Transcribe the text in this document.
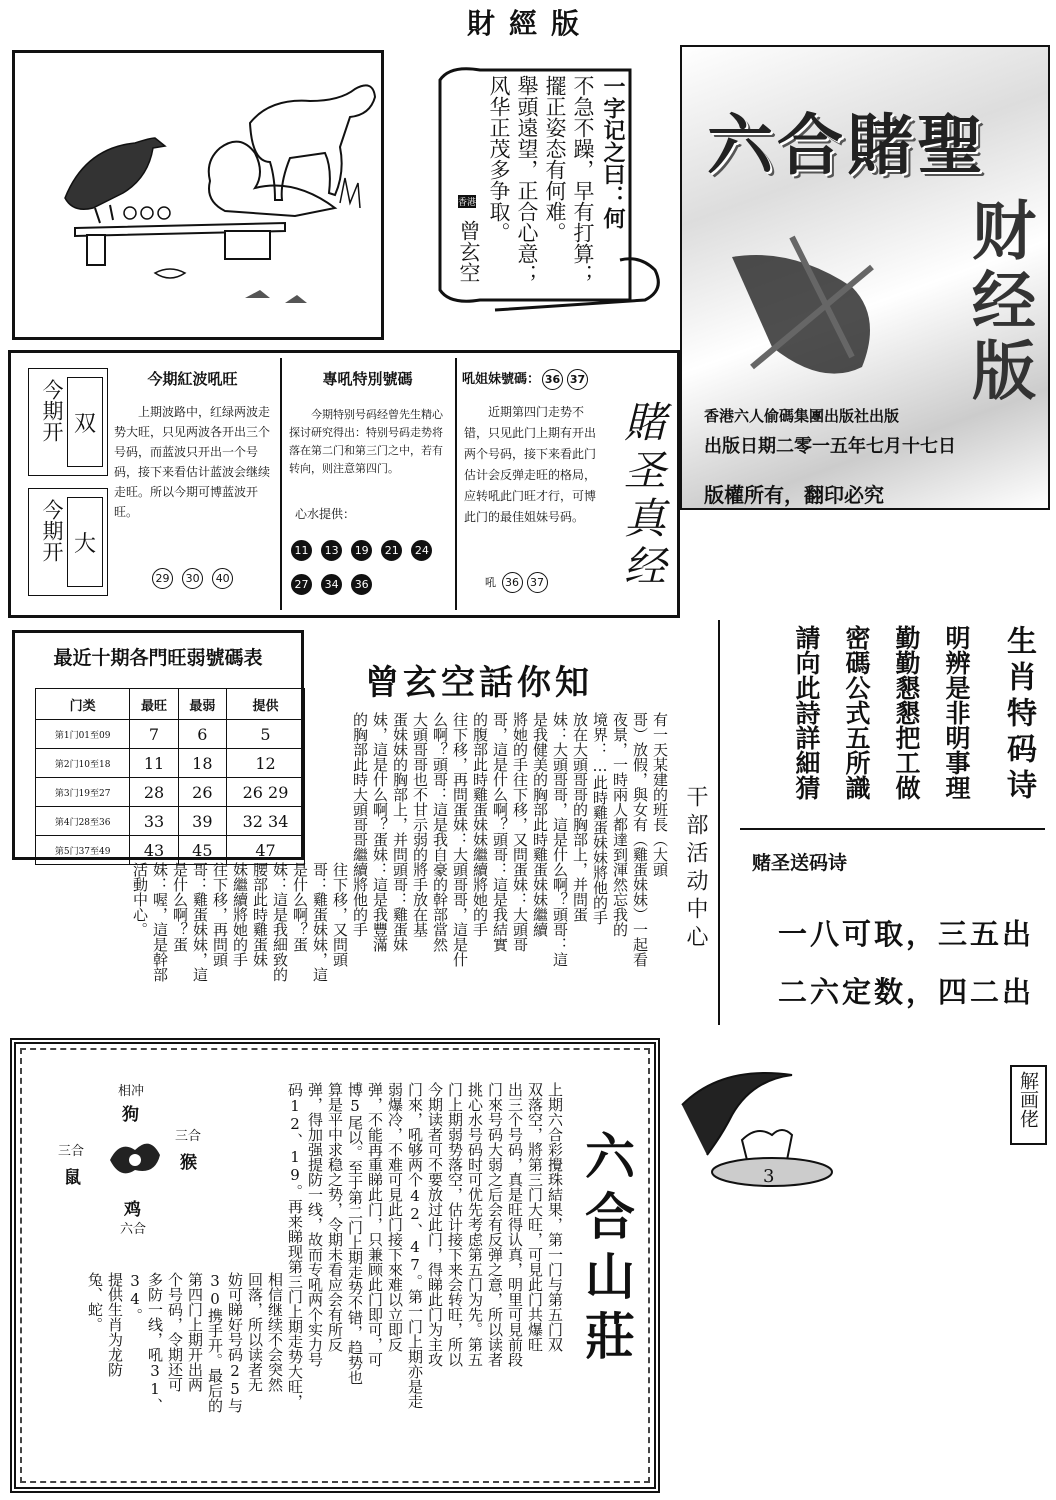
財經版
一字记之曰：何
不急不躁，早有打算；
擺正姿态有何难。
舉頭遠望，正合心意；
风华正茂多争取。
香港
曾玄空
六合賭聖
财经版
香港六人偷碼集團出版社出版
出版日期二零一五年七月十七日
版權所有，翻印必究
今期开 双
今期开 大
今期紅波吼旺
上期波路中，红绿两波走势大旺，只见两波各开出三个号码，而蓝波只开出一个号码，接下来看估计蓝波会继续走旺。所以今期可博蓝波开旺。
29 30 40
專吼特別號碼
今期特别号码经曾先生精心探讨研究得出：特别号码走势将落在第二门和第三门之中，若有转向，则注意第四门。
心水提供：
11 13 19 21 24 27 34 36
吼姐妹號碼： 36 37
近期第四门走势不错，只见此门上期有开出两个号码，接下来看此门估计会反弹走旺的格局，应转吼此门旺才行，可博此门的最佳姐妹号码。
吼 36 37 賭圣真经
最近十期各門旺弱號碼表
门类	最旺	最弱	提供
第1门01至09	7	6	5
第2门10至18	11	18	12
第3门19至27	28	26	26 29
第4门28至36	33	39	32 34
第5门37至49	43	45	47
曾玄空話你知
有一天某建的班長（大頭
哥）放假，與女有（雞蛋妹妹）一起看
夜景，一時兩人都達到渾然忘我的
境界：…此時雞蛋妹妹將他的手
放在大頭哥哥的胸部上，并問蛋
妹：大頭哥哥，這是什么啊？頭哥：這
是我健美的胸部此時雞蛋妹妹繼續
將她的手往下移，又問蛋妹：大頭哥
哥，這是什么啊？頭哥：這是我結實
的腹部此時雞蛋妹妹繼續將她的手
往下移，再問蛋妹：大頭哥哥，這是什
么啊？頭哥：這是我自豪的幹部當然
大頭哥哥也不甘示弱的將手放在基
蛋妹妹的胸部上，并問頭哥：雞蛋妹
妹，這是什么啊？蛋妹：這是我豐滿
的胸部此時大頭哥哥繼續將他的手
往下移，又問頭
哥：雞蛋妹妹，這
是什么啊？蛋
妹：這是我細致的
腰部此時雞蛋妹
妹繼續將她的手
往下移，再問頭
哥：雞蛋妹妹，這
是什么啊？蛋
妹：喔，這是幹部
活動中心。	干部活动中心
生肖特码诗
明辨是非明事理
勤勤懇懇把工做
密碼公式五所識
請向此詩詳細猜
赌圣送码诗
一八可取，三五出
二六定数，四二出
3
解画佬
相冲
狗
三合
鼠
三合
猴
鸡
六合	六合山莊
上期六合彩攪珠結果，第一门与第五门双
双落空，將第三门大旺，可見此门共爆旺
出三个号码，真是旺得认真，明里可見前段
门來号码大弱之后会有反弹之意，所以读者
挑心水号码时可优先考虑第五门为先。第五
门上期弱势落空，估计接下来会转旺，所以
今期读者可不要放过此门，得睇此门为主攻
门來，吼够两个42、47。第一门上期亦是走
弱爆冷，不难可見此门接下來难以立即反
弹，不能再重睇此门，只兼顾此门即可，可
博5尾以。至于第二门上期走势不错，趋势也
算是平中求稳之势，令期未看应会有所反
弹，得加强提防一线，故而专吼两个实力号
码12、19。再来睇现第三门上期走势大旺，
相信继续不会突然
回落，所以读者无
妨可睇好号码25与
30携手开。最后的
第四门上期开出两
个号码，令期还可
多防一线，吼31、
34。
提供生肖为龙防
兔、蛇。
